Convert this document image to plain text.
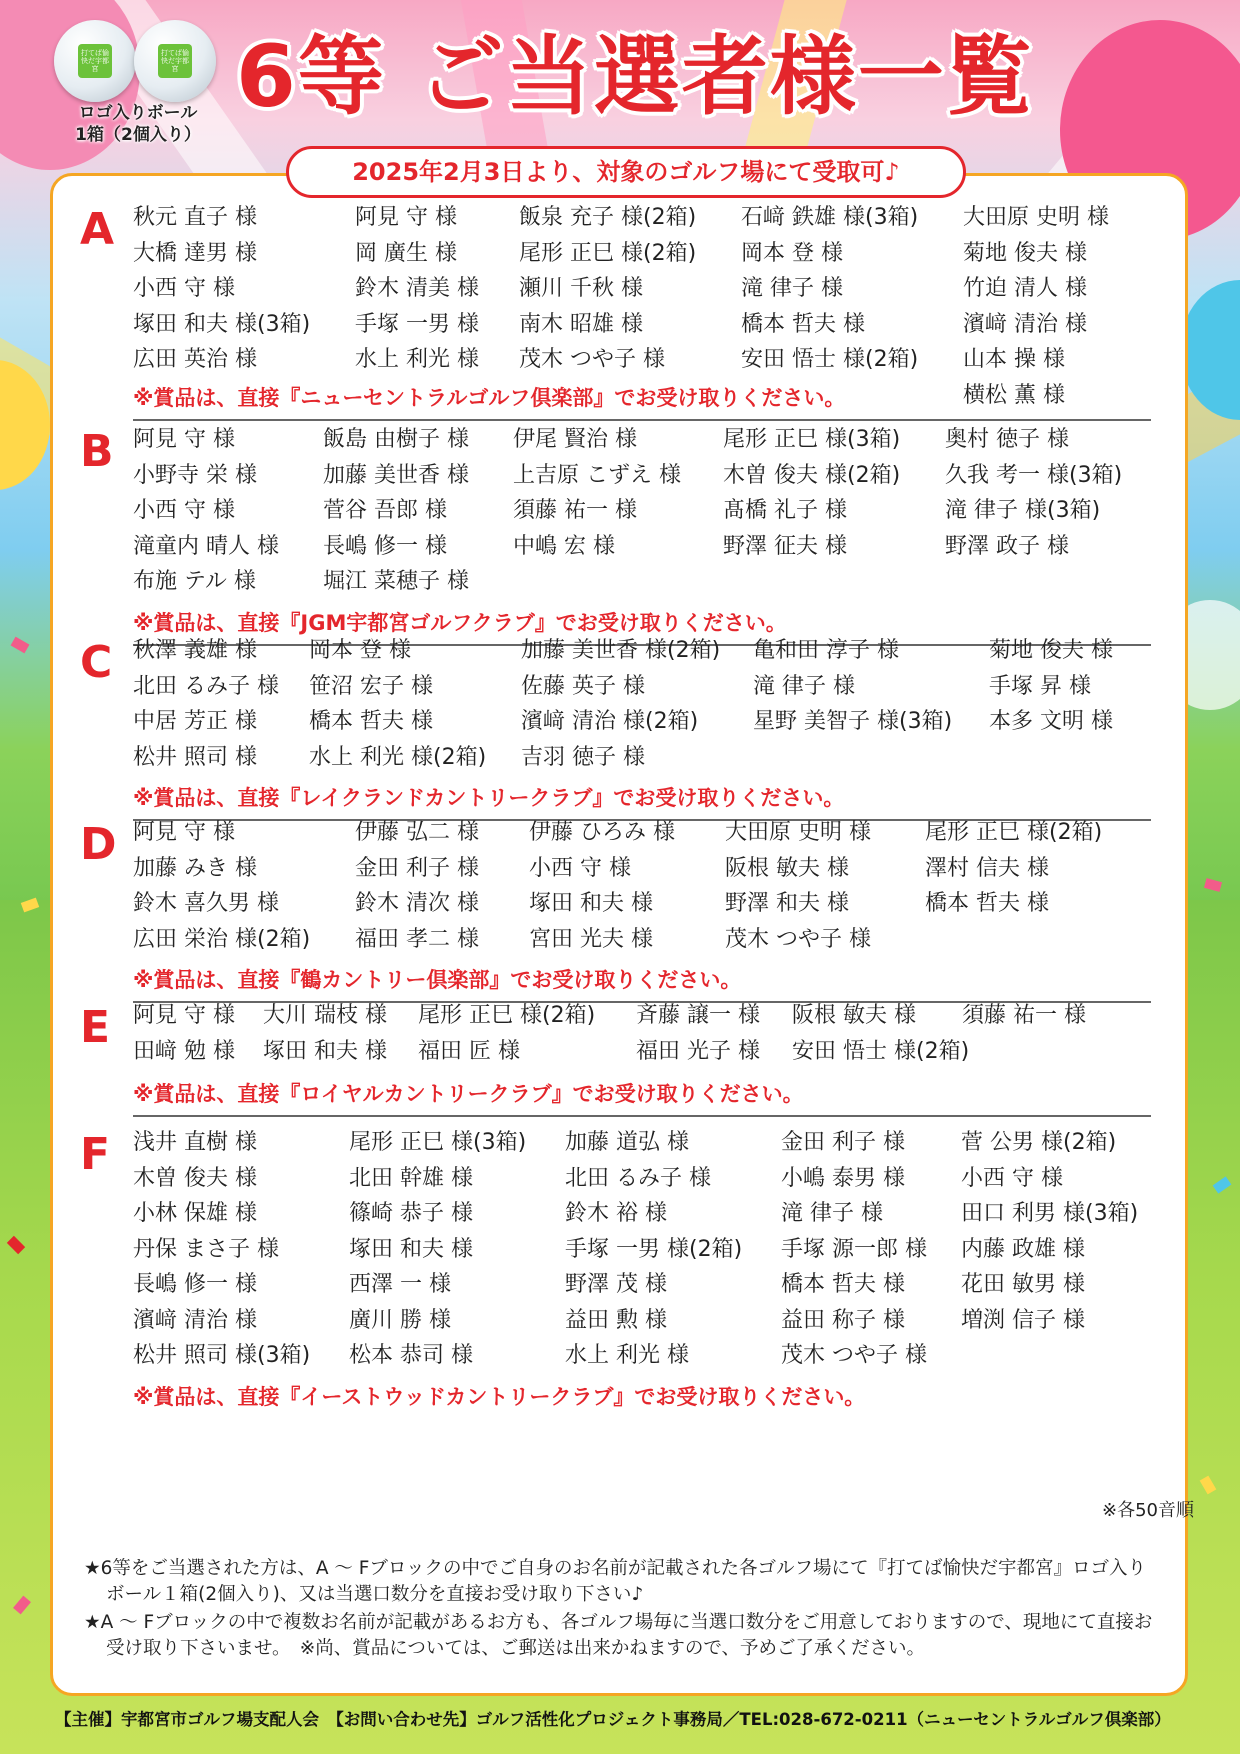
打てば愉快だ宇都宮
打てば愉快だ宇都宮
ロゴ入りボール
1箱（2個入り）
6等 ご当選者様一覧
2025年2月3日より、対象のゴルフ場にて受取可♪
A 秋元 直子 様
大橋 達男 様
小西 守 様
塚田 和夫 様(3箱)
広田 英治 様
阿見 守 様
岡 廣生 様
鈴木 清美 様
手塚 一男 様
水上 利光 様
飯泉 充子 様(2箱)
尾形 正巳 様(2箱)
瀬川 千秋 様
南木 昭雄 様
茂木 つや子 様
石﨑 鉄雄 様(3箱)
岡本 登 様
滝 律子 様
橋本 哲夫 様
安田 悟士 様(2箱)
大田原 史明 様
菊地 俊夫 様
竹迫 清人 様
濱﨑 清治 様
山本 操 様
横松 薫 様
※賞品は、直接『ニューセントラルゴルフ倶楽部』でお受け取りください。
B 阿見 守 様
小野寺 栄 様
小西 守 様
滝童内 晴人 様
布施 テル 様
飯島 由樹子 様
加藤 美世香 様
菅谷 吾郎 様
長嶋 修一 様
堀江 菜穂子 様
伊尾 賢治 様
上吉原 こずえ 様
須藤 祐一 様
中嶋 宏 様
尾形 正巳 様(3箱)
木曽 俊夫 様(2箱)
髙橋 礼子 様
野澤 征夫 様
奥村 徳子 様
久我 考一 様(3箱)
滝 律子 様(3箱)
野澤 政子 様
※賞品は、直接『JGM宇都宮ゴルフクラブ』でお受け取りください。
C 秋澤 義雄 様
北田 るみ子 様
中居 芳正 様
松井 照司 様
岡本 登 様
笹沼 宏子 様
橋本 哲夫 様
水上 利光 様(2箱)
加藤 美世香 様(2箱)
佐藤 英子 様
濱﨑 清治 様(2箱)
吉羽 徳子 様
亀和田 淳子 様
滝 律子 様
星野 美智子 様(3箱)
菊地 俊夫 様
手塚 昇 様
本多 文明 様
※賞品は、直接『レイクランドカントリークラブ』でお受け取りください。
D 阿見 守 様
加藤 みき 様
鈴木 喜久男 様
広田 栄治 様(2箱)
伊藤 弘二 様
金田 利子 様
鈴木 清次 様
福田 孝二 様
伊藤 ひろみ 様
小西 守 様
塚田 和夫 様
宮田 光夫 様
大田原 史明 様
阪根 敏夫 様
野澤 和夫 様
茂木 つや子 様
尾形 正巳 様(2箱)
澤村 信夫 様
橋本 哲夫 様
※賞品は、直接『鶴カントリー倶楽部』でお受け取りください。
E 阿見 守 様
田﨑 勉 様
大川 瑞枝 様
塚田 和夫 様
尾形 正巳 様(2箱)
福田 匠 様
斉藤 譲一 様
福田 光子 様
阪根 敏夫 様
安田 悟士 様(2箱)
須藤 祐一 様
※賞品は、直接『ロイヤルカントリークラブ』でお受け取りください。
F 浅井 直樹 様
木曽 俊夫 様
小林 保雄 様
丹保 まさ子 様
長嶋 修一 様
濱﨑 清治 様
松井 照司 様(3箱)
尾形 正巳 様(3箱)
北田 幹雄 様
篠崎 恭子 様
塚田 和夫 様
西澤 一 様
廣川 勝 様
松本 恭司 様
加藤 道弘 様
北田 るみ子 様
鈴木 裕 様
手塚 一男 様(2箱)
野澤 茂 様
益田 勲 様
水上 利光 様
金田 利子 様
小嶋 泰男 様
滝 律子 様
手塚 源一郎 様
橋本 哲夫 様
益田 称子 様
茂木 つや子 様
菅 公男 様(2箱)
小西 守 様
田口 利男 様(3箱)
内藤 政雄 様
花田 敏男 様
増渕 信子 様
※賞品は、直接『イーストウッドカントリークラブ』でお受け取りください。
※各50音順

★6等をご当選された方は、A ～ Fブロックの中でご自身のお名前が記載された各ゴルフ場にて『打てば愉快だ宇都宮』ロゴ入りボール１箱(2個入り)、又は当選口数分を直接お受け取り下さい♪

★A ～ Fブロックの中で複数お名前が記載があるお方も、各ゴルフ場毎に当選口数分をご用意しておりますので、現地にて直接お受け取り下さいませ。　※尚、賞品については、ご郵送は出来かねますので、予めご了承ください。

【主催】宇都宮市ゴルフ場支配人会　【お問い合わせ先】ゴルフ活性化プロジェクト事務局／TEL:028-672-0211（ニューセントラルゴルフ倶楽部）
